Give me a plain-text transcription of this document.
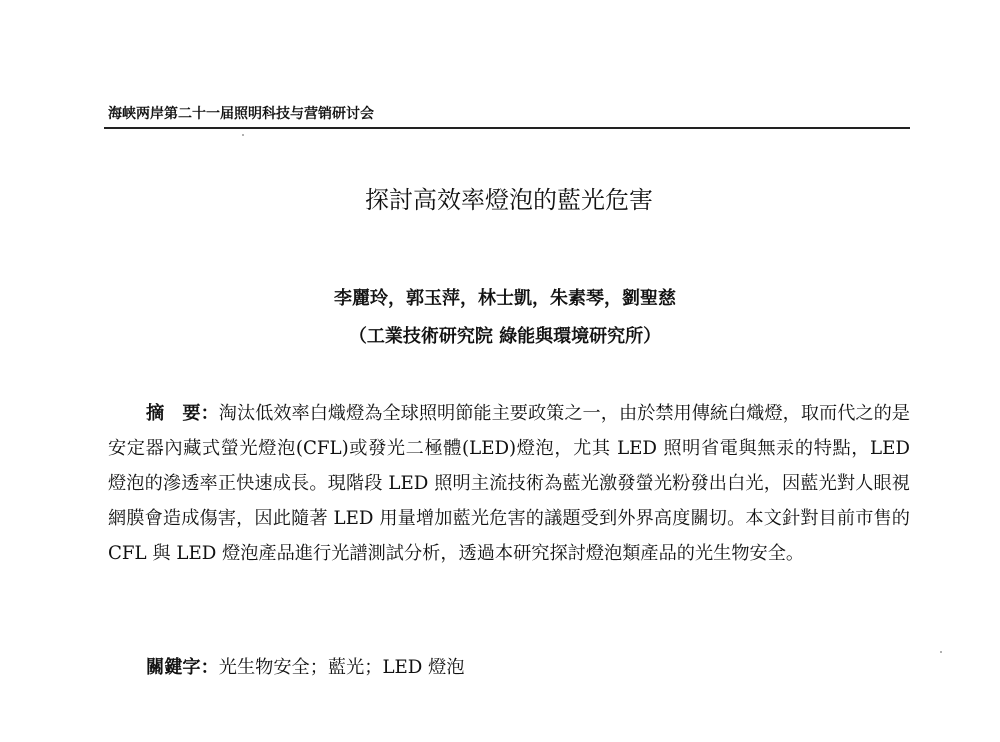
海峡两岸第二十一届照明科技与营销研讨会
探討高效率燈泡的藍光危害
李麗玲，郭玉萍，林士凱，朱素琴，劉聖慈
（工業技術研究院 綠能與環境研究所）
摘　要：淘汰低效率白熾燈為全球照明節能主要政策之一，由於禁用傳統白熾燈，取而代之的是安定器內藏式螢光燈泡(CFL)或發光二極體(LED)燈泡，尤其 LED 照明省電與無汞的特點，LED 燈泡的滲透率正快速成長。現階段 LED 照明主流技術為藍光激發螢光粉發出白光，因藍光對人眼視網膜會造成傷害，因此隨著 LED 用量增加藍光危害的議題受到外界高度關切。本文針對目前市售的 CFL 與 LED 燈泡產品進行光譜測試分析，透過本研究探討燈泡類產品的光生物安全。
關鍵字：光生物安全；藍光；LED 燈泡
